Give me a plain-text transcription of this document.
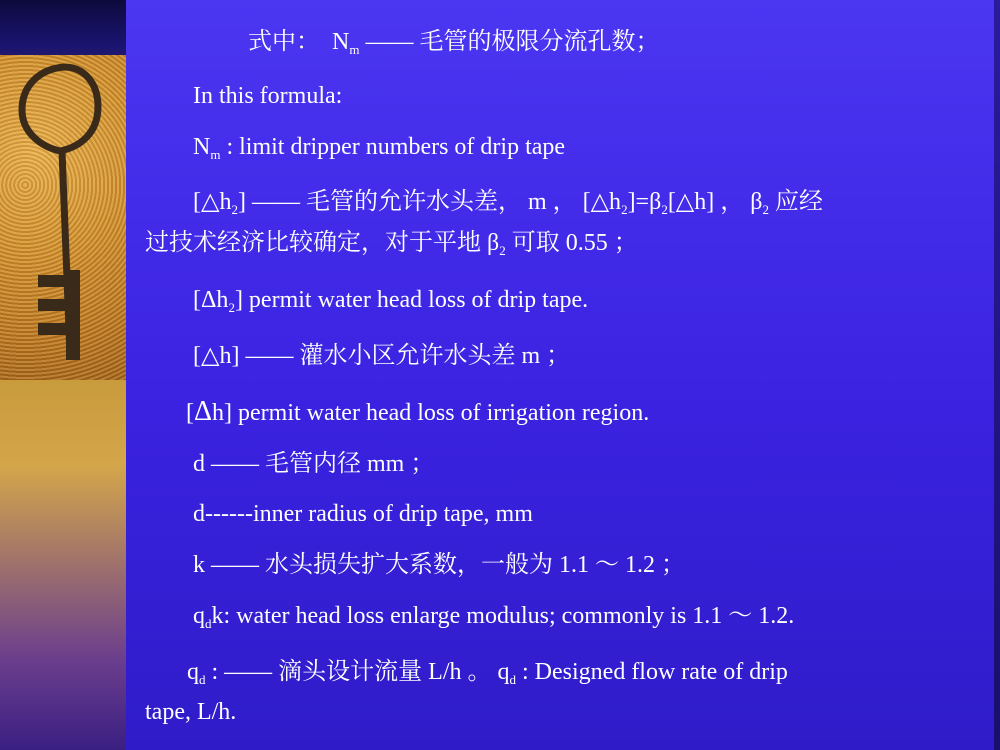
式中：　$N_m$ —— 毛管的极限分流孔数；
In this formula:
$N_m$ : limit dripper numbers of drip tape
$[\triangle h_2]$ —— 毛管的允许水头差， m ， $[\triangle h_2]=\beta_2[\triangle h]$ ， $\beta_2$ 应经
过技术经济比较确定，对于平地 $\beta_2$ 可取 0.55 ；
$[\Delta h_2]$ permit water head loss of drip tape.
[△h] —— 灌水小区允许水头差 m ；
[Δh] permit water head loss of irrigation region.
d —— 毛管内径 mm ；
d------inner radius of drip tape, mm
k —— 水头损失扩大系数，一般为 1.1 ～ 1.2 ；
$q_dk$: water head loss enlarge modulus; commonly is 1.1 ～ 1.2.
$q_d$ : —— 滴头设计流量 L/h 。 $q_d$ : Designed flow rate of drip
tape, L/h.
